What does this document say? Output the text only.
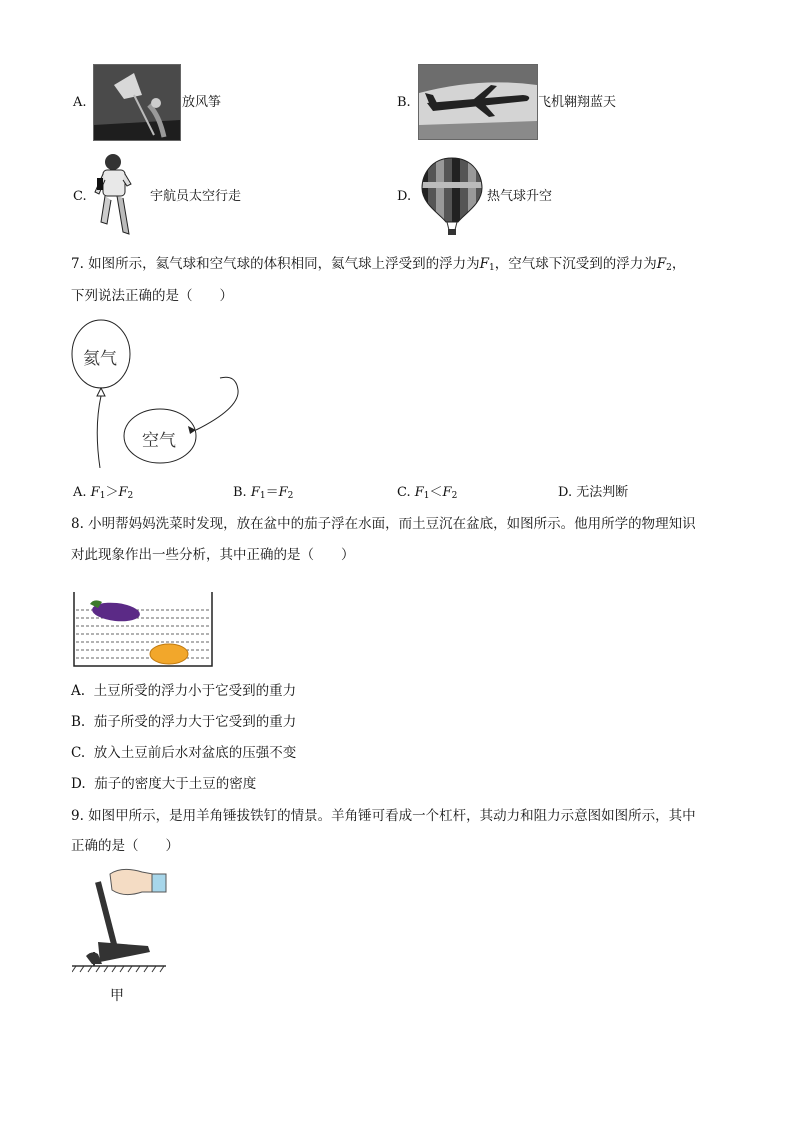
A.	放风筝	B.	飞机翱翔蓝天
C.	宇航员太空行走	D.	热气球升空
7. 如图所示，氦气球和空气球的体积相同，氦气球上浮受到的浮力为$F_1$，空气球下沉受到的浮力为$F_2$，
下列说法正确的是（　　）
氦气
空气
A. $F_1>F_2$	B. $F_1=F_2$	C. $F_1<F_2$	D. 无法判断
8. 小明帮妈妈洗菜时发现，放在盆中的茄子浮在水面，而土豆沉在盆底，如图所示。他用所学的物理知识
对此现象作出一些分析，其中正确的是（　　）
A. 土豆所受的浮力小于它受到的重力
B. 茄子所受的浮力大于它受到的重力
C. 放入土豆前后水对盆底的压强不变
D. 茄子的密度大于土豆的密度
9. 如图甲所示，是用羊角锤拔铁钉的情景。羊角锤可看成一个杠杆，其动力和阻力示意图如图所示，其中
正确的是（　　）
甲
